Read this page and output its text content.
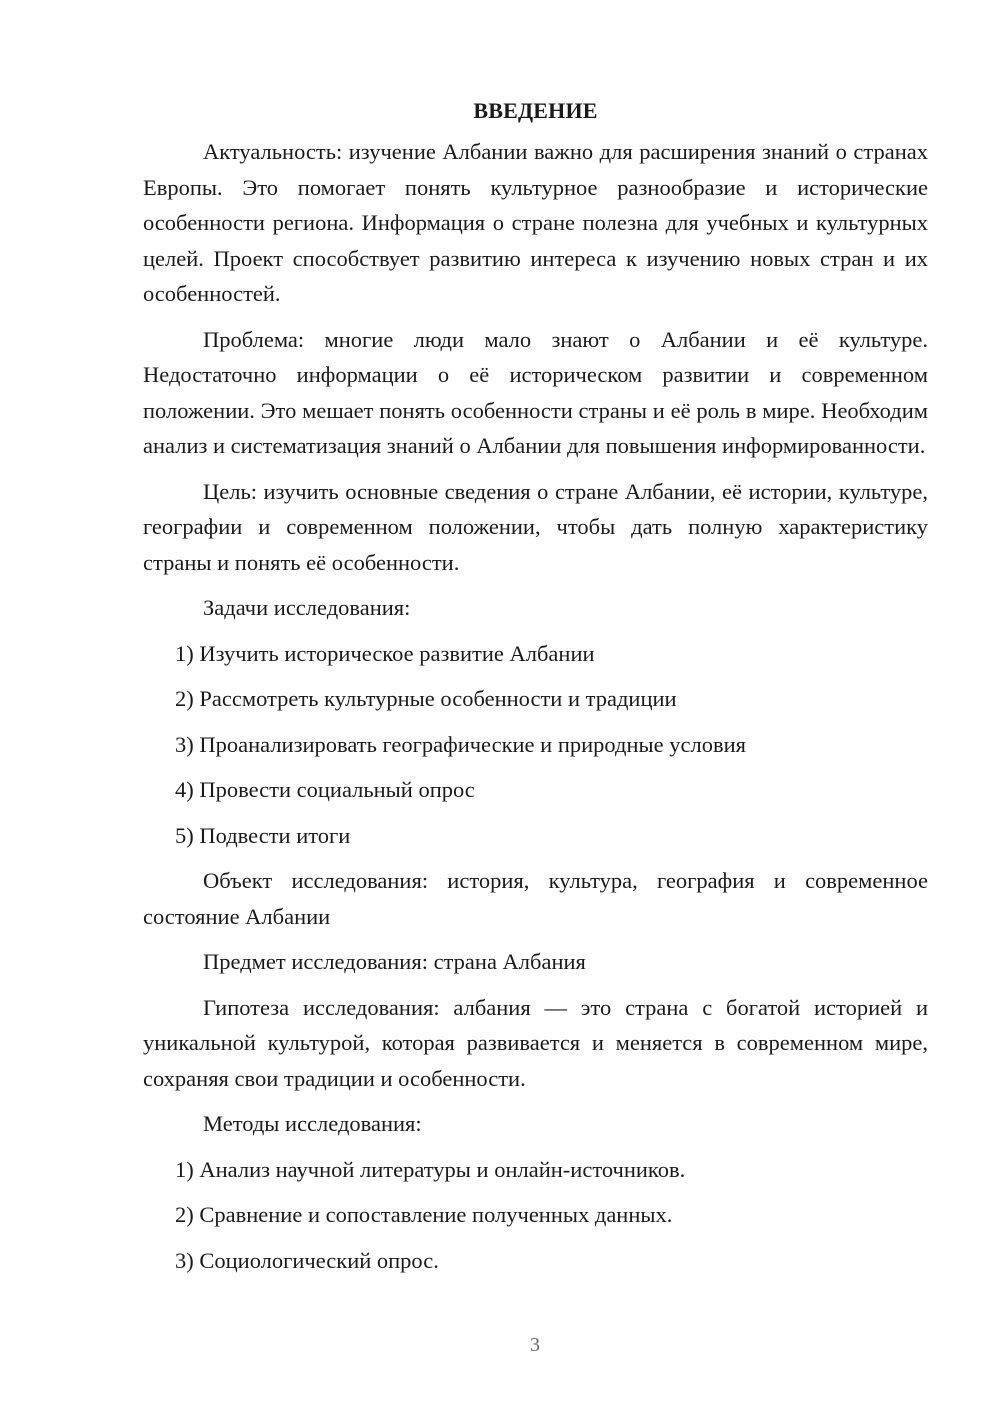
ВВЕДЕНИЕ

Актуальность: изучение Албании важно для расширения знаний о странах Европы. Это помогает понять культурное разнообразие и исторические особенности региона. Информация о стране полезна для учебных и культурных целей. Проект способствует развитию интереса к изучению новых стран и их особенностей.

Проблема: многие люди мало знают о Албании и её культуре. Недостаточно информации о её историческом развитии и современном положении. Это мешает понять особенности страны и её роль в мире. Необходим анализ и систематизация знаний о Албании для повышения информированности.

Цель: изучить основные сведения о стране Албании, её истории, культуре, географии и современном положении, чтобы дать полную характеристику страны и понять её особенности.

Задачи исследования:

1) Изучить историческое развитие Албании
2) Рассмотреть культурные особенности и традиции
3) Проанализировать географические и природные условия
4) Провести социальный опрос
5) Подвести итоги

Объект исследования: история, культура, география и современное состояние Албании

Предмет исследования: страна Албания

Гипотеза исследования: албания — это страна с богатой историей и уникальной культурой, которая развивается и меняется в современном мире, сохраняя свои традиции и особенности.

Методы исследования:

1) Анализ научной литературы и онлайн-источников.
2) Сравнение и сопоставление полученных данных.
3) Социологический опрос.
3
